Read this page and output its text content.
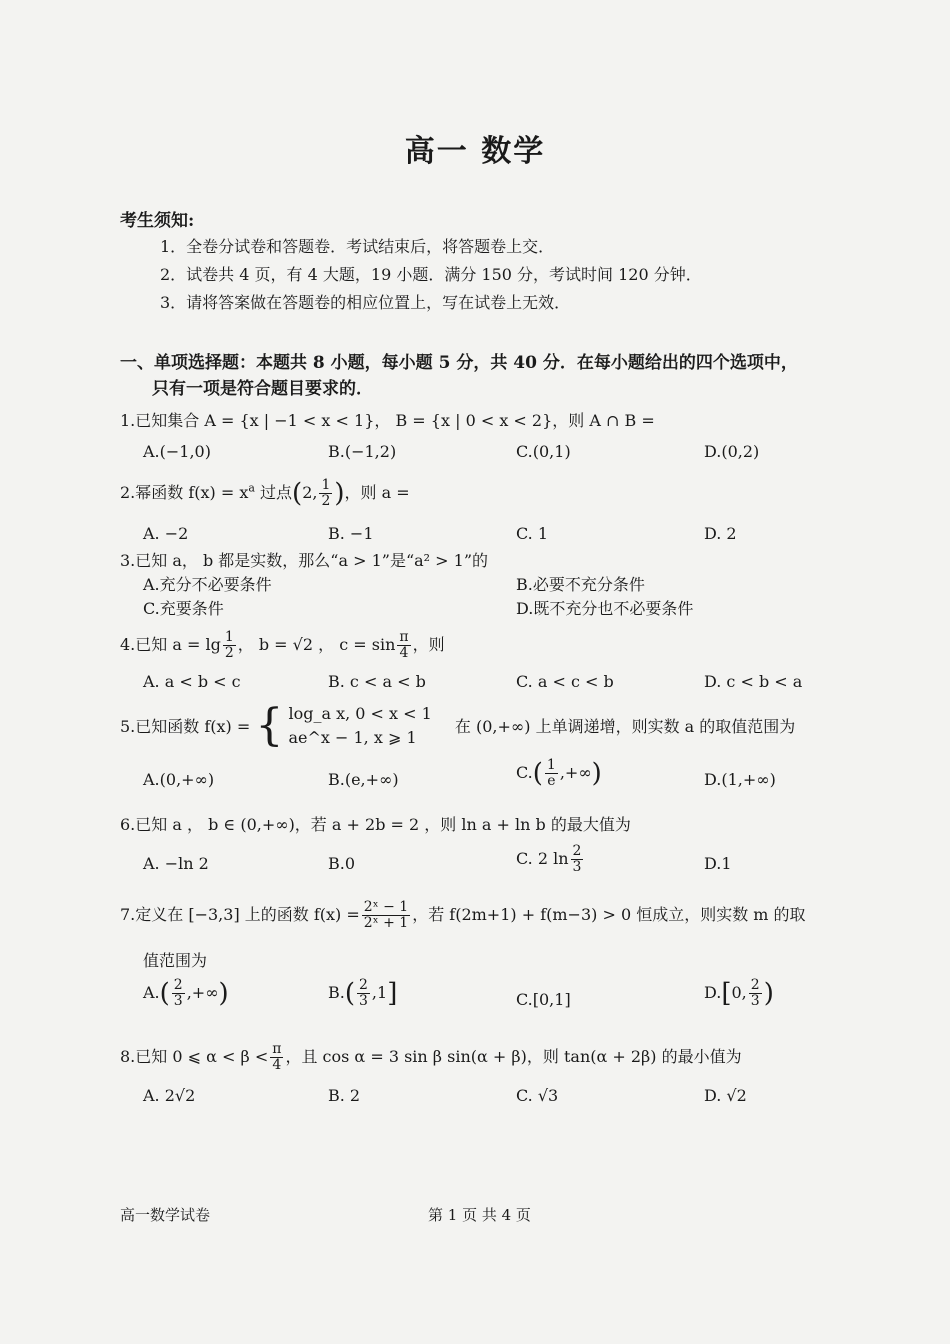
高一 数学
考生须知:
1．全卷分试卷和答题卷．考试结束后，将答题卷上交．
2．试卷共 4 页，有 4 大题，19 小题．满分 150 分，考试时间 120 分钟．
3．请将答案做在答题卷的相应位置上，写在试卷上无效．
一、单项选择题：本题共 8 小题，每小题 5 分，共 40 分．在每小题给出的四个选项中，
只有一项是符合题目要求的．
1.已知集合 A = {x | −1 < x < 1}， B = {x | 0 < x < 2}，则 A ∩ B =
A.(−1,0)	B.(−1,2)	C.(0,1)	D.(0,2)
2.幂函数 $f(x) = x^a$ 过点(2, $\frac{1}{2}$ )，则 a =
A. −2	B. −1	C. 1	D. 2
3.已知 a， b 都是实数，那么“a > 1”是“a² > 1”的
A.充分不必要条件	B.必要不充分条件
C.充要条件	D.既不充分也不必要条件
4.已知 $a = \lg \frac{1}{2}$ ， b = √2 ， $c = \sin \frac{\pi}{4}$ ，则
A. a < b < c	B. c < a < b	C. a < c < b	D. c < b < a
5.已知函数 f(x) = { log_a x, 0 < x < 1
ae^x − 1, x ⩾ 1
在 (0,+∞) 上单调递增，则实数 a 的取值范围为
A.(0,+∞)	B.(e,+∞)	$C.( \frac{1}{e}$ ,+∞)	D.(1,+∞)
6.已知 a ， b ∈ (0,+∞)，若 a + 2b = 2 ，则 ln a + ln b 的最大值为
A. −ln 2	B.0	C. 2 $\ln \frac{2}{3}$	D.1
7.定义在 [−3,3] 上的函数 $f(x) = \frac{\text{2ˣ − 1}}{\text{2ˣ + 1}}$ ，若 f(2m+1) + f(m−3) > 0 恒成立，则实数 m 的取
值范围为
$A.( \frac{2}{3}$ ,+∞)	$B.( \frac{2}{3} ,1]$	C.[0,1]	D.[0, $\frac{2}{3}$ )
8.已知 0 ⩽ $\alpha < \beta < \frac{\pi}{4}$ ，且 cos α = 3 sin β sin(α + β)，则 tan(α + 2β) 的最小值为
A. 2√2	B. 2	C. √3	D. √2
高一数学试卷	第 1 页 共 4 页
